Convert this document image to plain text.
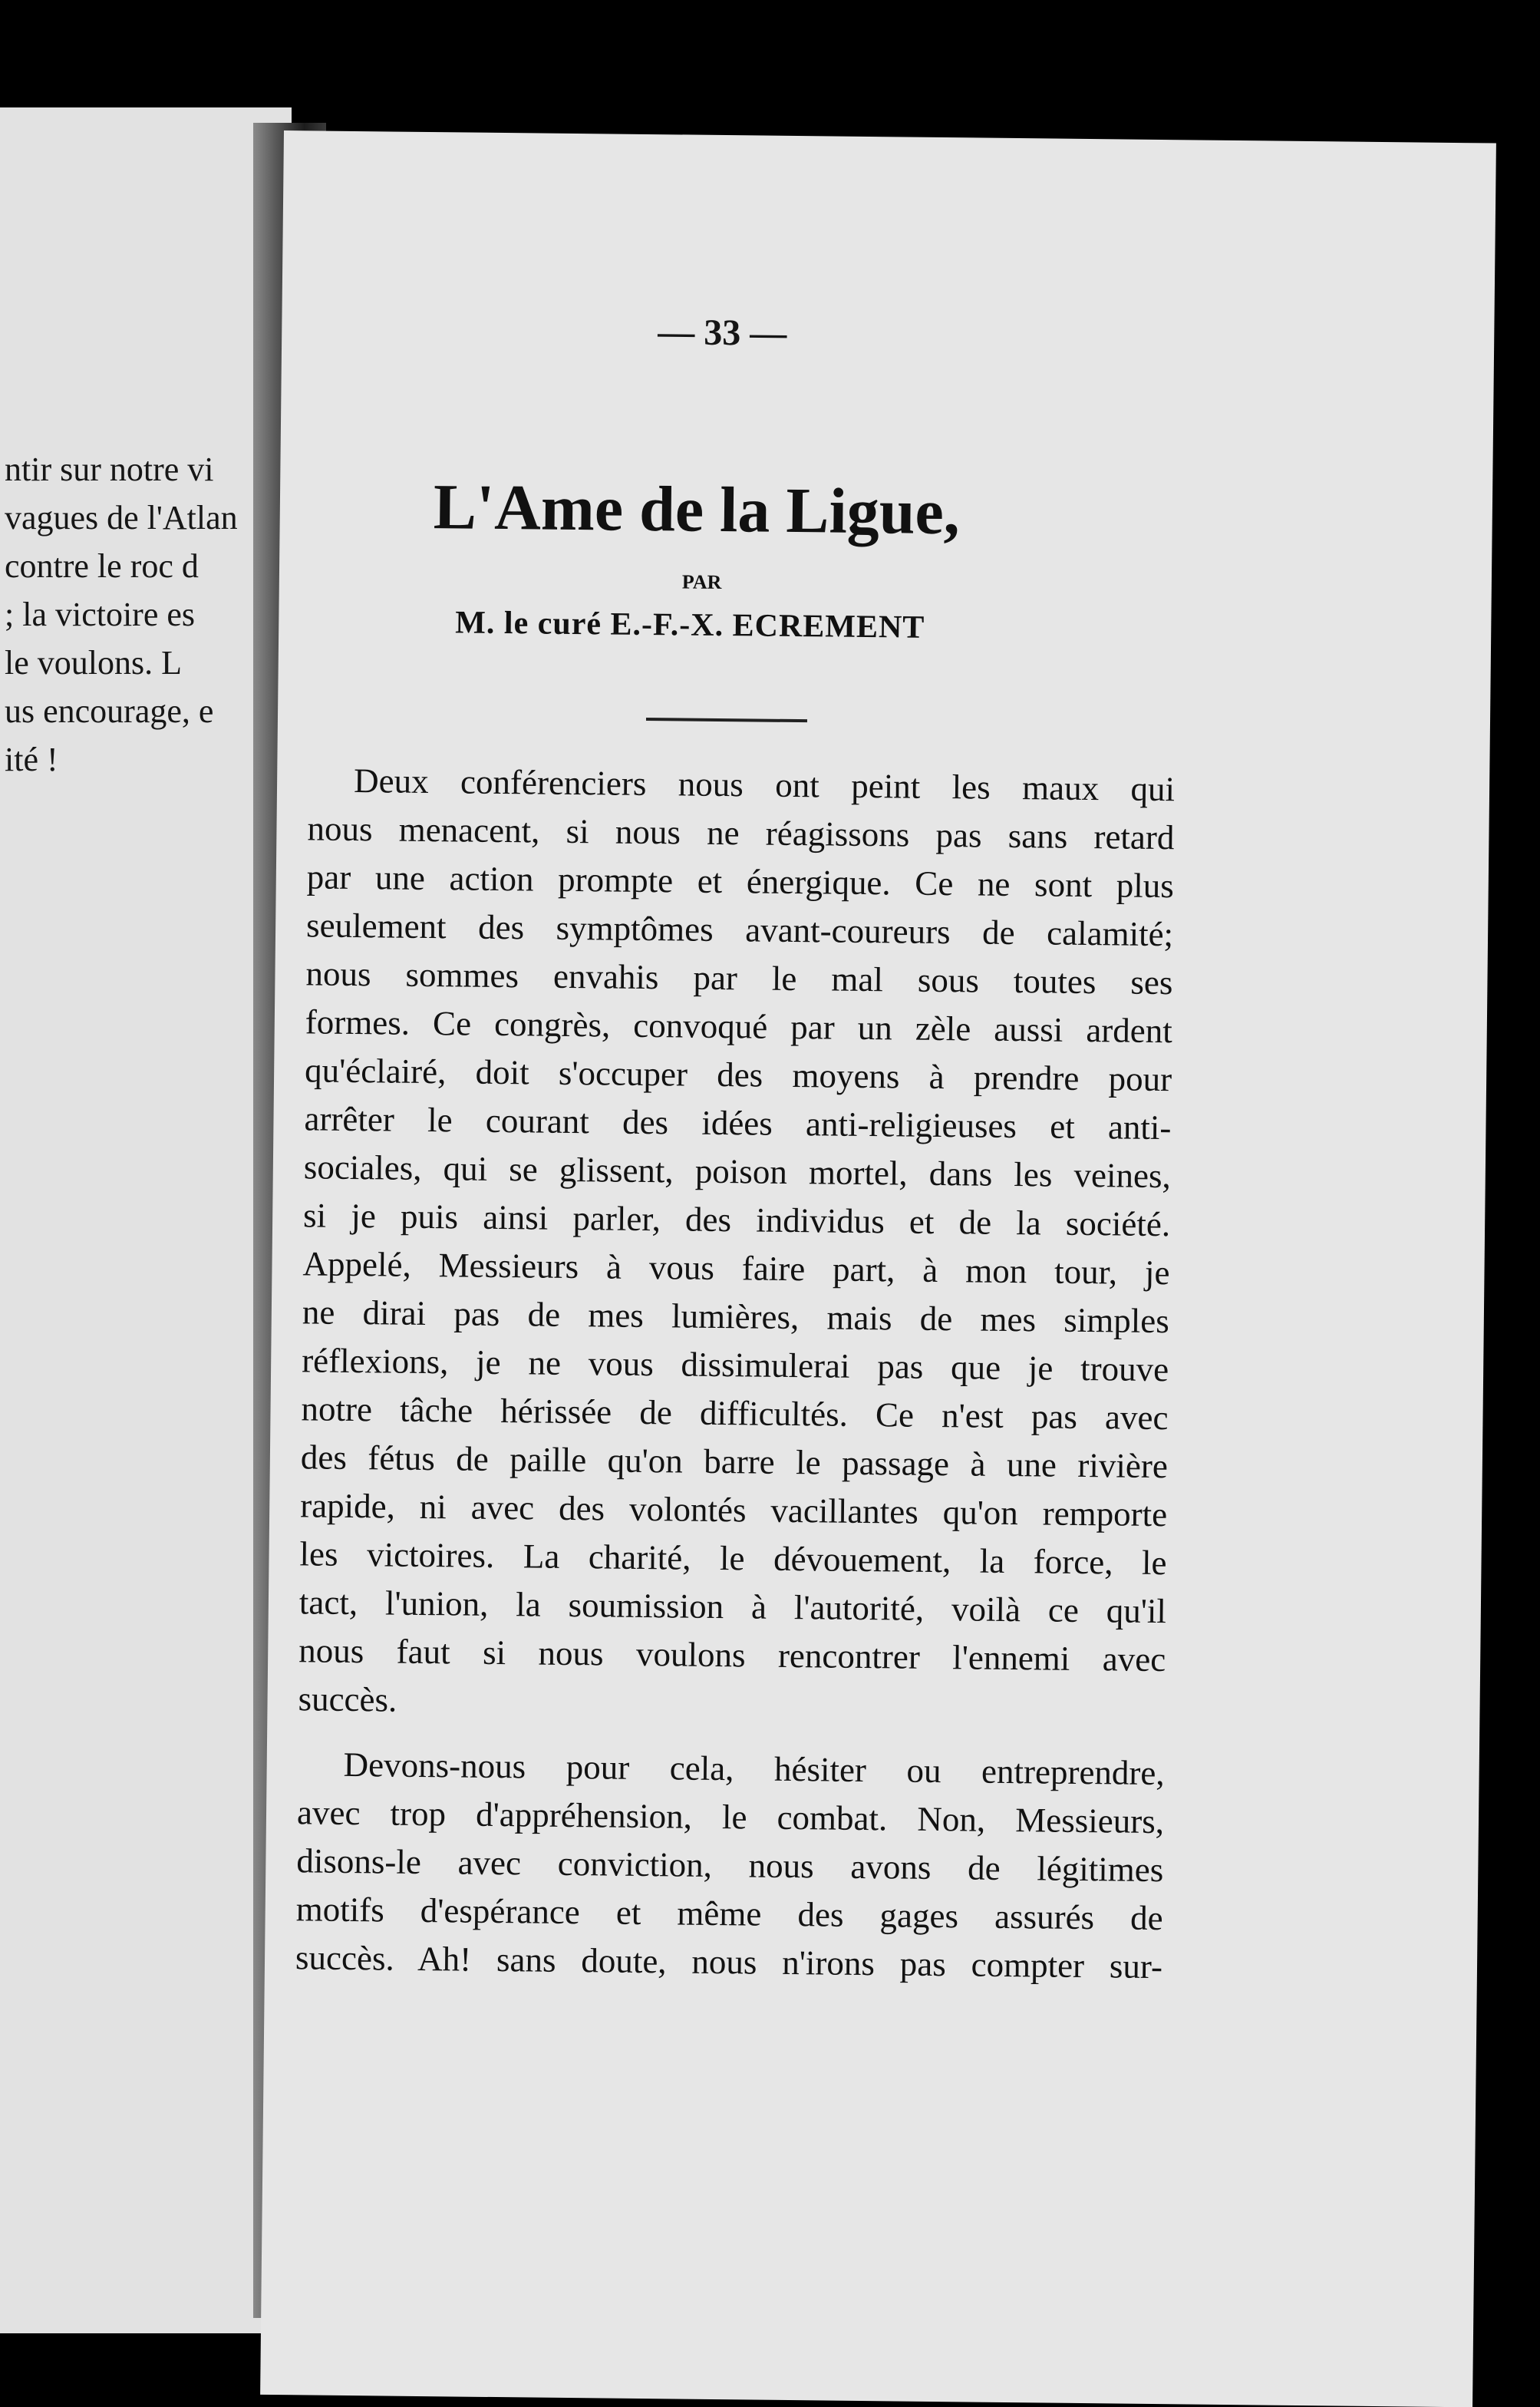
ntir sur notre vi
vagues de l'Atlan
contre le roc d
; la victoire es
le voulons. L
us encourage, e
ité !
— 33 —
L'Ame de la Ligue,
PAR
M. le curé E.-F.-X. ECREMENT
Deux conférenciers nous ont peint les maux qui
nous menacent, si nous ne réagissons pas sans retard
par une action prompte et énergique. Ce ne sont plus
seulement des symptômes avant-coureurs de calamité;
nous sommes envahis par le mal sous toutes ses
formes. Ce congrès, convoqué par un zèle aussi ardent
qu'éclairé, doit s'occuper des moyens à prendre pour
arrêter le courant des idées anti-religieuses et anti-
sociales, qui se glissent, poison mortel, dans les veines,
si je puis ainsi parler, des individus et de la société.
Appelé, Messieurs à vous faire part, à mon tour, je
ne dirai pas de mes lumières, mais de mes simples
réflexions, je ne vous dissimulerai pas que je trouve
notre tâche hérissée de difficultés. Ce n'est pas avec
des fétus de paille qu'on barre le passage à une rivière
rapide, ni avec des volontés vacillantes qu'on remporte
les victoires. La charité, le dévouement, la force, le
tact, l'union, la soumission à l'autorité, voilà ce qu'il
nous faut si nous voulons rencontrer l'ennemi avec
succès.
Devons-nous pour cela, hésiter ou entreprendre,
avec trop d'appréhension, le combat. Non, Messieurs,
disons-le avec conviction, nous avons de légitimes
motifs d'espérance et même des gages assurés de
succès. Ah! sans doute, nous n'irons pas compter sur-
